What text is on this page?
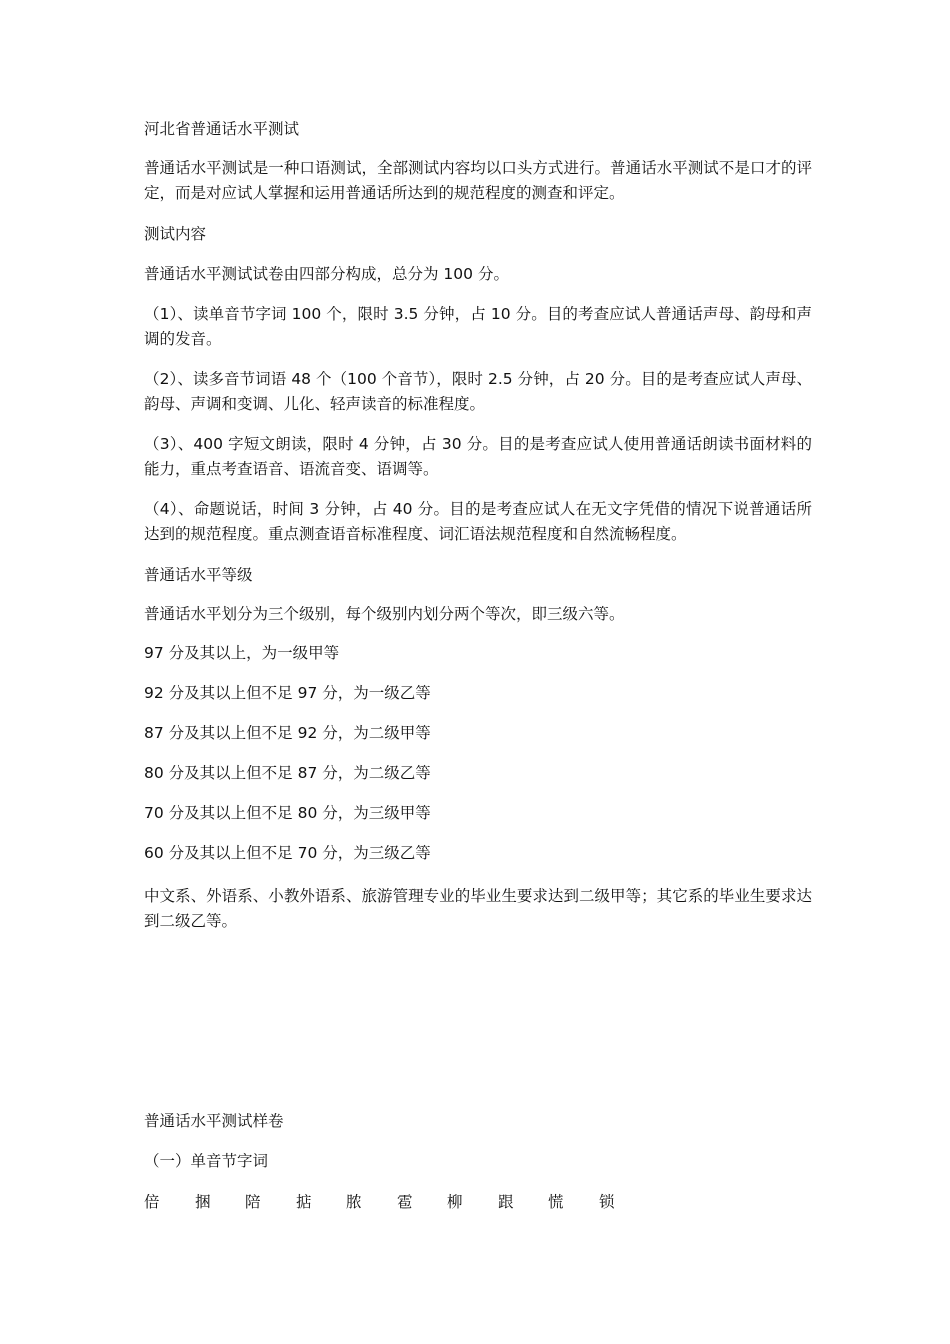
河北省普通话水平测试
普通话水平测试是一种口语测试，全部测试内容均以口头方式进行。普通话水平测试不是口才的评定，而是对应试人掌握和运用普通话所达到的规范程度的测查和评定。
测试内容
普通话水平测试试卷由四部分构成，总分为 100 分。
（1）、读单音节字词 100 个，限时 3.5 分钟，占 10 分。目的考查应试人普通话声母、韵母和声调的发音。
（2）、读多音节词语 48 个（100 个音节），限时 2.5 分钟，占 20 分。目的是考查应试人声母、韵母、声调和变调、儿化、轻声读音的标准程度。
（3）、400 字短文朗读，限时 4 分钟，占 30 分。目的是考查应试人使用普通话朗读书面材料的能力，重点考查语音、语流音变、语调等。
（4）、命题说话，时间 3 分钟，占 40 分。目的是考查应试人在无文字凭借的情况下说普通话所达到的规范程度。重点测查语音标准程度、词汇语法规范程度和自然流畅程度。
普通话水平等级
普通话水平划分为三个级别，每个级别内划分两个等次，即三级六等。
97 分及其以上，为一级甲等
92 分及其以上但不足 97 分，为一级乙等
87 分及其以上但不足 92 分，为二级甲等
80 分及其以上但不足 87 分，为二级乙等
70 分及其以上但不足 80 分，为三级甲等
60 分及其以上但不足 70 分，为三级乙等
中文系、外语系、小教外语系、旅游管理专业的毕业生要求达到二级甲等；其它系的毕业生要求达到二级乙等。
普通话水平测试样卷
（一）单音节字词
倍 捆 陪 掂 脓 雹 柳 跟 慌 锁
